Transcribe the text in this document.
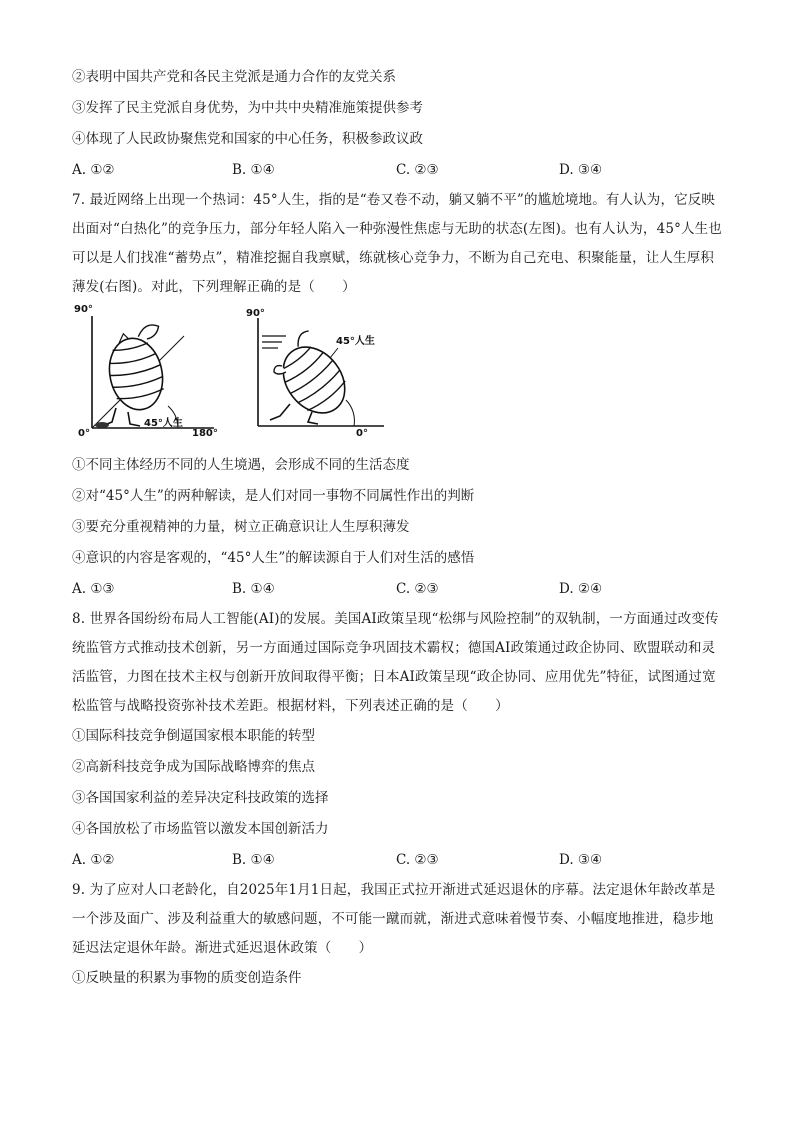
②表明中国共产党和各民主党派是通力合作的友党关系
③发挥了民主党派自身优势，为中共中央精准施策提供参考
④体现了人民政协聚焦党和国家的中心任务，积极参政议政
A. ①②	B. ①④	C. ②③	D. ③④
7. 最近网络上出现一个热词：45°人生，指的是“卷又卷不动，躺又躺不平”的尴尬境地。有人认为，它反映出面对“白热化”的竞争压力，部分年轻人陷入一种弥漫性焦虑与无助的状态(左图)。也有人认为，45°人生也可以是人们找准“蓄势点”，精准挖掘自我禀赋，练就核心竞争力，不断为自己充电、积聚能量，让人生厚积薄发(右图)。对此，下列理解正确的是（　　）
90°
0°
45°人生
180°
90°
45°人生
0°
①不同主体经历不同的人生境遇，会形成不同的生活态度
②对“45°人生”的两种解读，是人们对同一事物不同属性作出的判断
③要充分重视精神的力量，树立正确意识让人生厚积薄发
④意识的内容是客观的，“45°人生”的解读源自于人们对生活的感悟
A. ①③	B. ①④	C. ②③	D. ②④
8. 世界各国纷纷布局人工智能(AI)的发展。美国AI政策呈现“松绑与风险控制”的双轨制，一方面通过改变传统监管方式推动技术创新，另一方面通过国际竞争巩固技术霸权；德国AI政策通过政企协同、欧盟联动和灵活监管，力图在技术主权与创新开放间取得平衡；日本AI政策呈现“政企协同、应用优先”特征，试图通过宽松监管与战略投资弥补技术差距。根据材料，下列表述正确的是（　　）
①国际科技竞争倒逼国家根本职能的转型
②高新科技竞争成为国际战略博弈的焦点
③各国国家利益的差异决定科技政策的选择
④各国放松了市场监管以激发本国创新活力
A. ①②	B. ①④	C. ②③	D. ③④
9. 为了应对人口老龄化，自2025年1月1日起，我国正式拉开渐进式延迟退休的序幕。法定退休年龄改革是一个涉及面广、涉及利益重大的敏感问题，不可能一蹴而就，渐进式意味着慢节奏、小幅度地推进，稳步地延迟法定退休年龄。渐进式延迟退休政策（　　）
①反映量的积累为事物的质变创造条件
